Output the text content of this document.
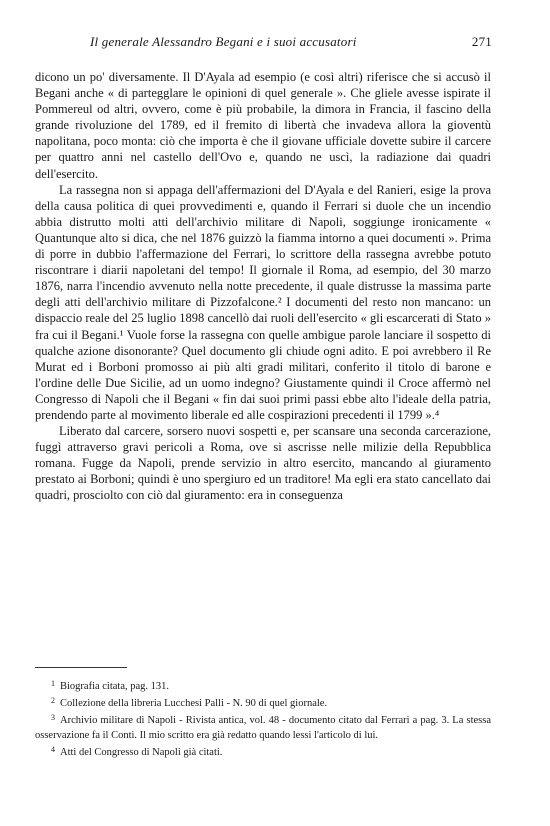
Il generale Alessandro Begani e i suoi accusatori	271

dicono un po' diversamente. Il D'Ayala ad esempio (e così altri) riferisce che si accusò il Begani anche « di partegglare le opinioni di quel generale ». Che gliele avesse ispirate il Pommereul od altri, ovvero, come è più probabile, la dimora in Francia, il fascino della grande rivoluzione del 1789, ed il fremito di libertà che invadeva allora la gioventù napolitana, poco monta: ciò che importa è che il giovane ufficiale dovette subire il carcere per quattro anni nel castello dell'Ovo e, quando ne uscì, la radiazione dai quadri dell'esercito.

La rassegna non si appaga dell'affermazioni del D'Ayala e del Ranieri, esige la prova della causa politica di quei provvedimenti e, quando il Ferrari si duole che un incendio abbia distrutto molti atti dell'archivio militare di Napoli, soggiunge ironicamente « Quantunque alto si dica, che nel 1876 guizzò la fiamma intorno a quei documenti ». Prima di porre in dubbio l'affermazione del Ferrari, lo scrittore della rassegna avrebbe potuto riscontrare i diarii napoletani del tempo! Il giornale il Roma, ad esempio, del 30 marzo 1876, narra l'incendio avvenuto nella notte precedente, il quale distrusse la massima parte degli atti dell'archivio militare di Pizzofalcone.² I documenti del resto non mancano: un dispaccio reale del 25 luglio 1898 cancellò dai ruoli dell'esercito « gli escarcerati di Stato » fra cui il Begani.¹ Vuole forse la rassegna con quelle ambigue parole lanciare il sospetto di qualche azione disonorante? Quel documento gli chiude ogni adito. E poi avrebbero il Re Murat ed i Borboni promosso ai più alti gradi militari, conferito il titolo di barone e l'ordine delle Due Sicilie, ad un uomo indegno? Giustamente quindi il Croce affermò nel Congresso di Napoli che il Begani « fin dai suoi primi passi ebbe alto l'ideale della patria, prendendo parte al movimento liberale ed alle cospirazioni precedenti il 1799 ».⁴

Liberato dal carcere, sorsero nuovi sospetti e, per scansare una seconda carcerazione, fuggì attraverso gravi pericoli a Roma, ove si ascrisse nelle milizie della Repubblica romana. Fugge da Napoli, prende servizio in altro esercito, mancando al giuramento prestato ai Borboni; quindi è uno spergiuro ed un traditore! Ma egli era stato cancellato dai quadri, prosciolto con ciò dal giuramento: era in conseguenza

1 Biografia citata, pag. 131.

2 Collezione della libreria Lucchesi Palli - N. 90 di quel giornale.

3 Archivio militare di Napoli - Rivista antica, vol. 48 - documento citato dal Ferrari a pag. 3. La stessa osservazione fa il Conti. Il mio scritto era già redatto quando lessi l'articolo di lui.

4 Atti del Congresso di Napoli già citati.
